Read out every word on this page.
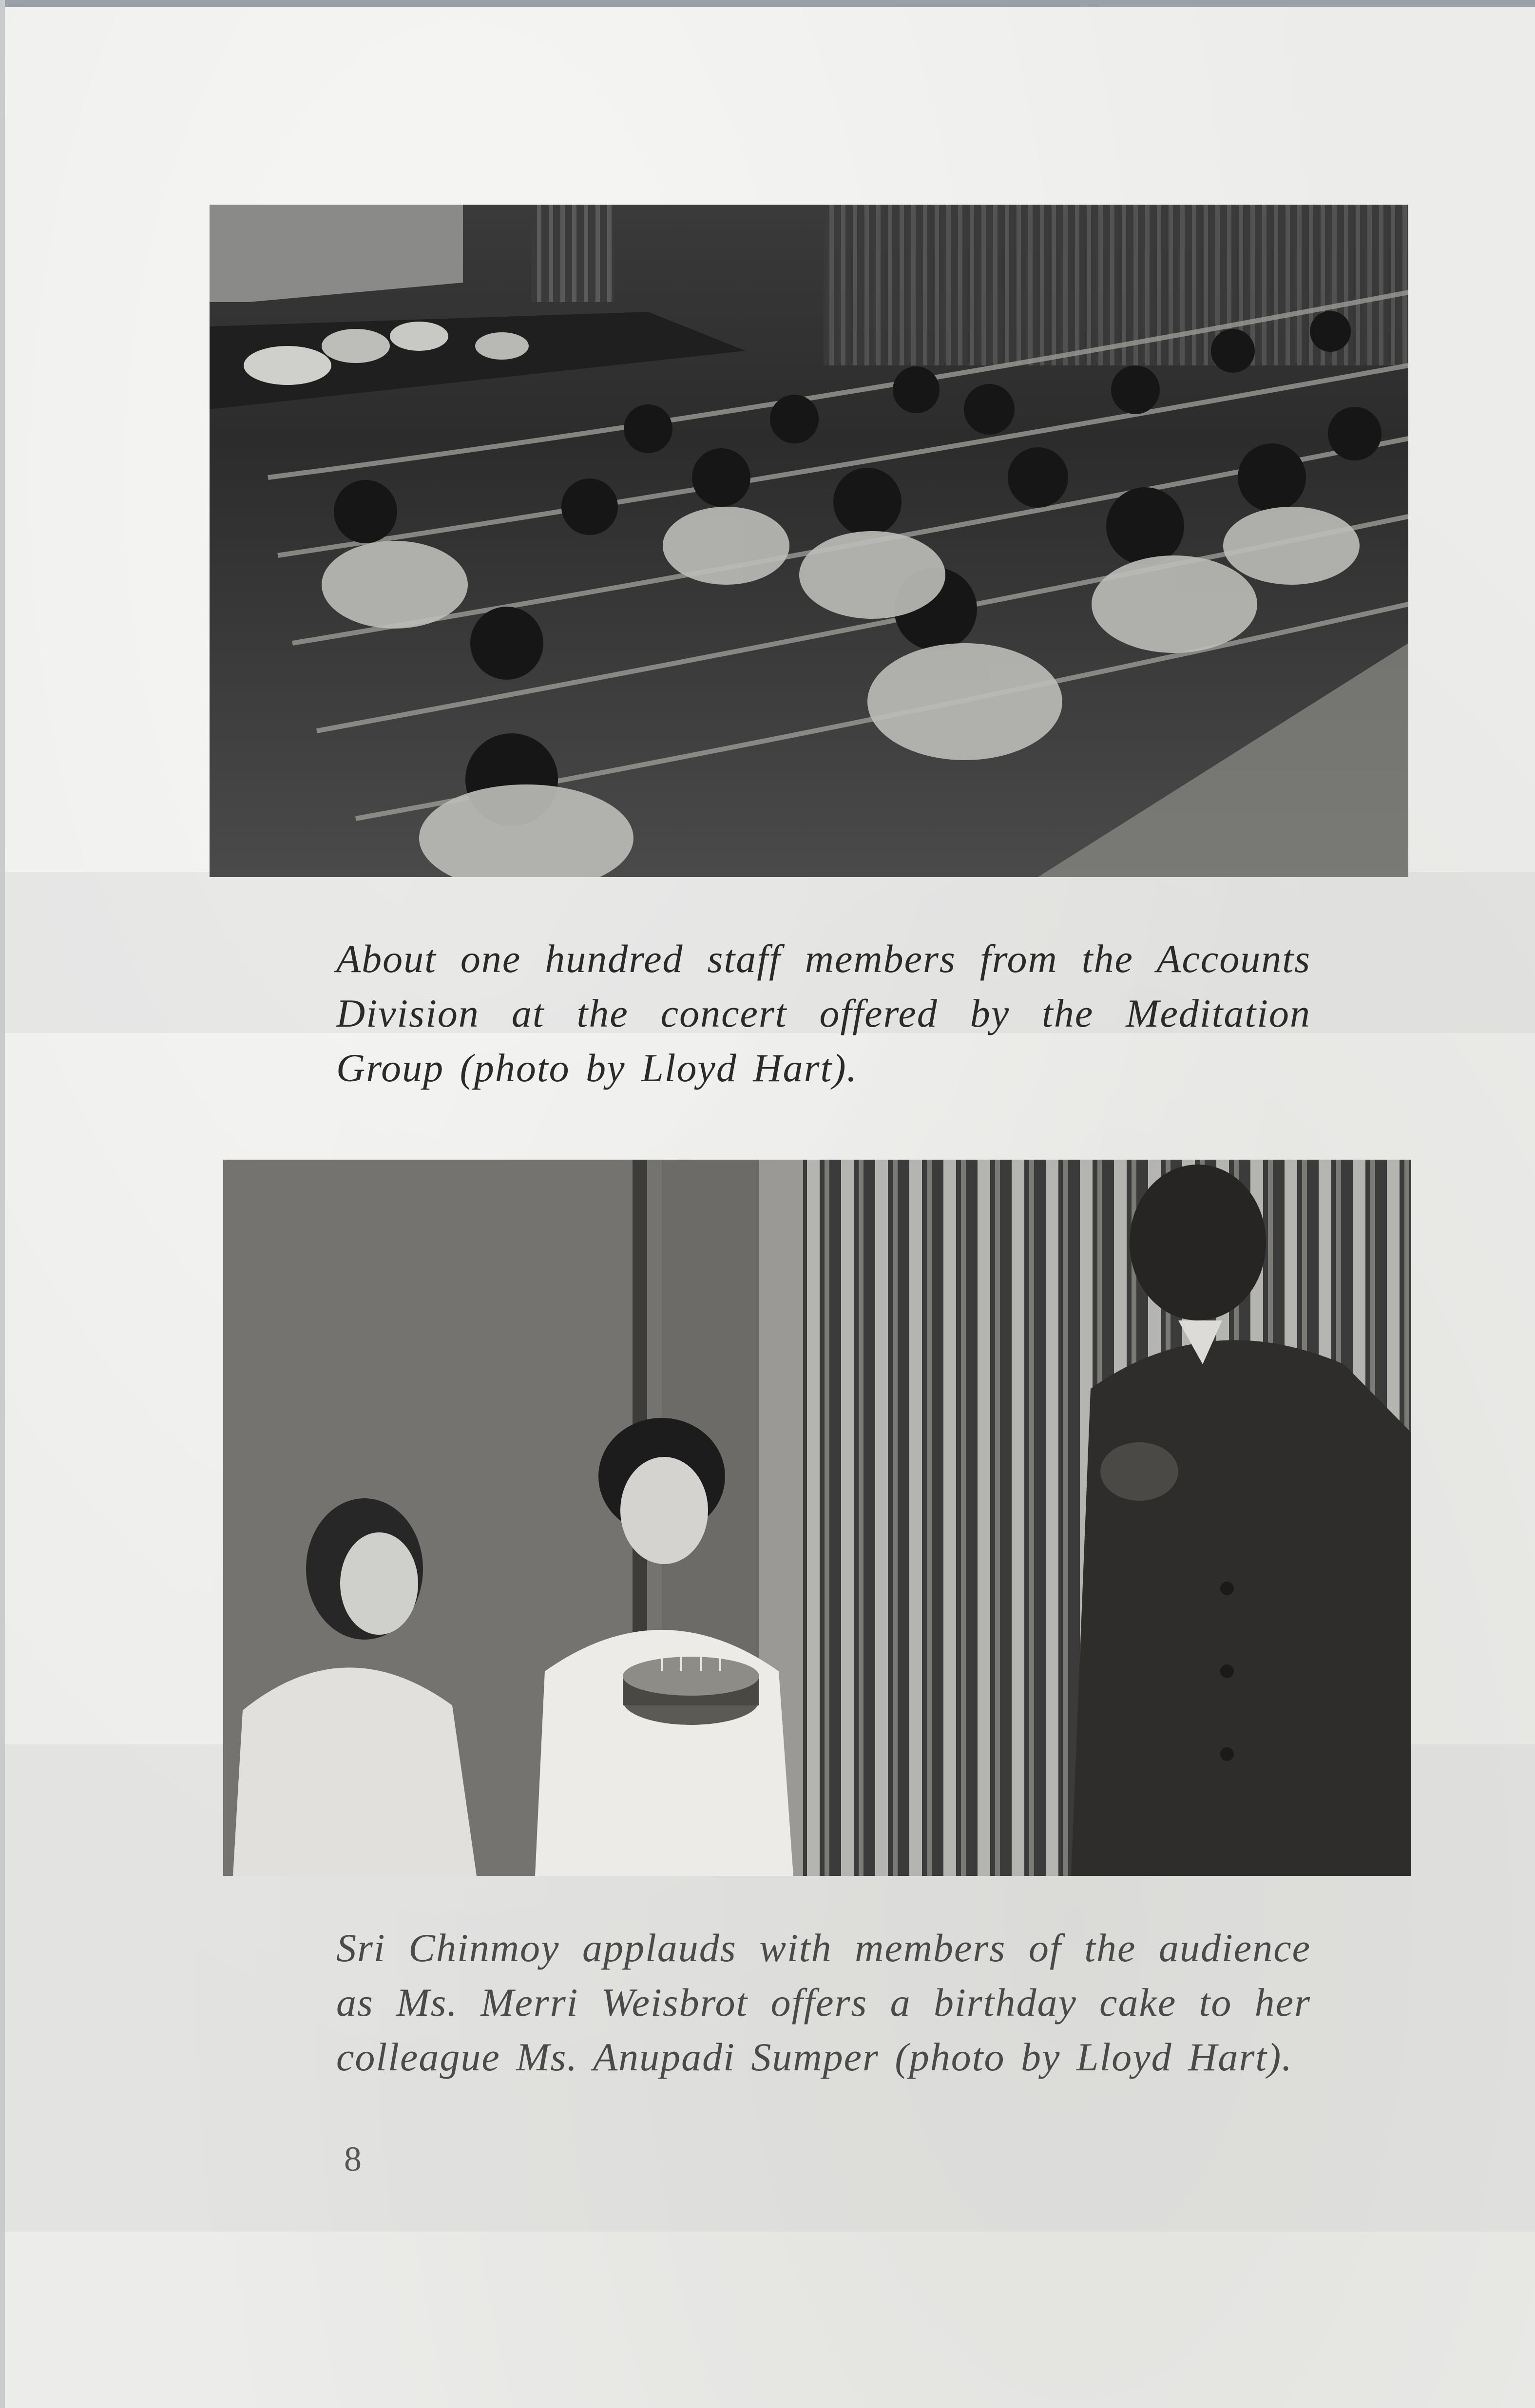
About one hundred staff members from the Accounts Division at the concert offered by the Meditation Group (photo by Lloyd Hart).
Sri Chinmoy applauds with members of the audience as Ms. Merri Weisbrot offers a birthday cake to her colleague Ms. Anupadi Sumper (photo by Lloyd Hart).
8
